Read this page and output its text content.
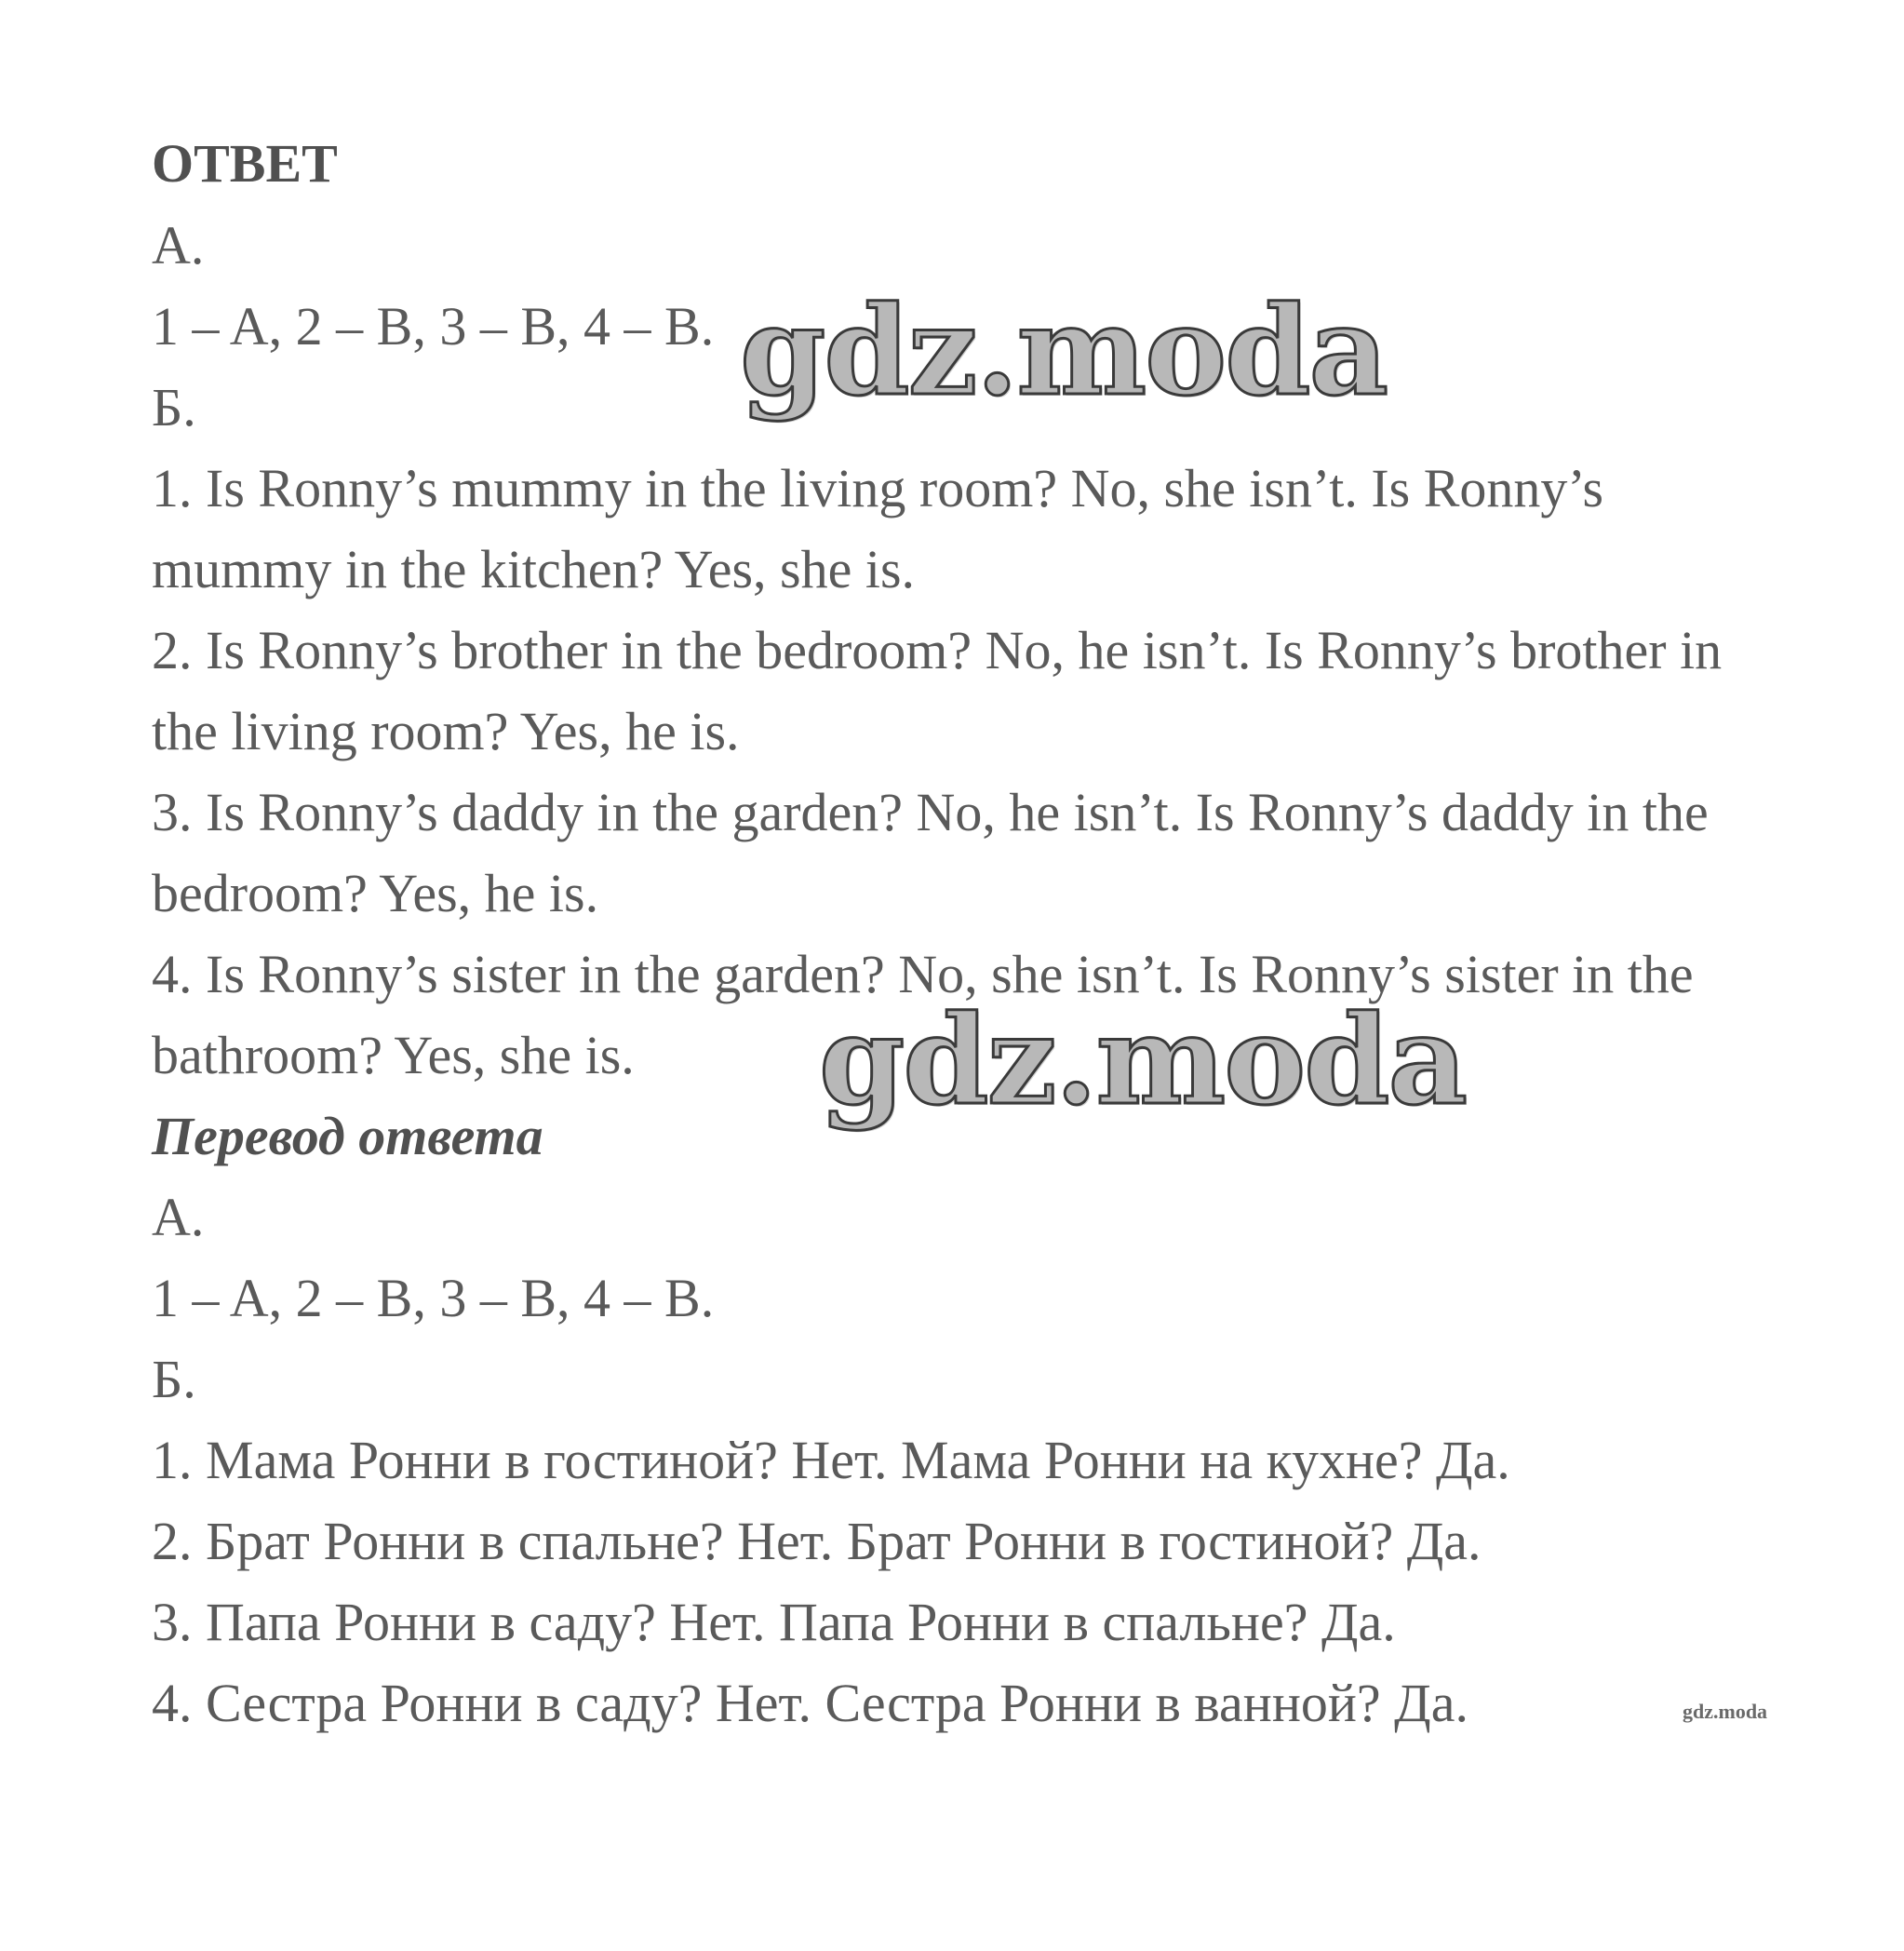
ОТВЕТ
А.
1 – A, 2 – B, 3 – B, 4 – B.
Б.
1. Is Ronny’s mummy in the living room? No, she isn’t. Is Ronny’s
mummy in the kitchen? Yes, she is.
2. Is Ronny’s brother in the bedroom? No, he isn’t. Is Ronny’s brother in
the living room? Yes, he is.
3. Is Ronny’s daddy in the garden? No, he isn’t. Is Ronny’s daddy in the
bedroom? Yes, he is.
4. Is Ronny’s sister in the garden? No, she isn’t. Is Ronny’s sister in the
bathroom? Yes, she is.
Перевод ответа
А.
1 – A, 2 – B, 3 – B, 4 – B.
Б.
1. Мама Ронни в гостиной? Нет. Мама Ронни на кухне? Да.
2. Брат Ронни в спальне? Нет. Брат Ронни в гостиной? Да.
3. Папа Ронни в саду? Нет. Папа Ронни в спальне? Да.
4. Сестра Ронни в саду? Нет. Сестра Ронни в ванной? Да.
gdz.moda
gdz.moda
gdz.moda
